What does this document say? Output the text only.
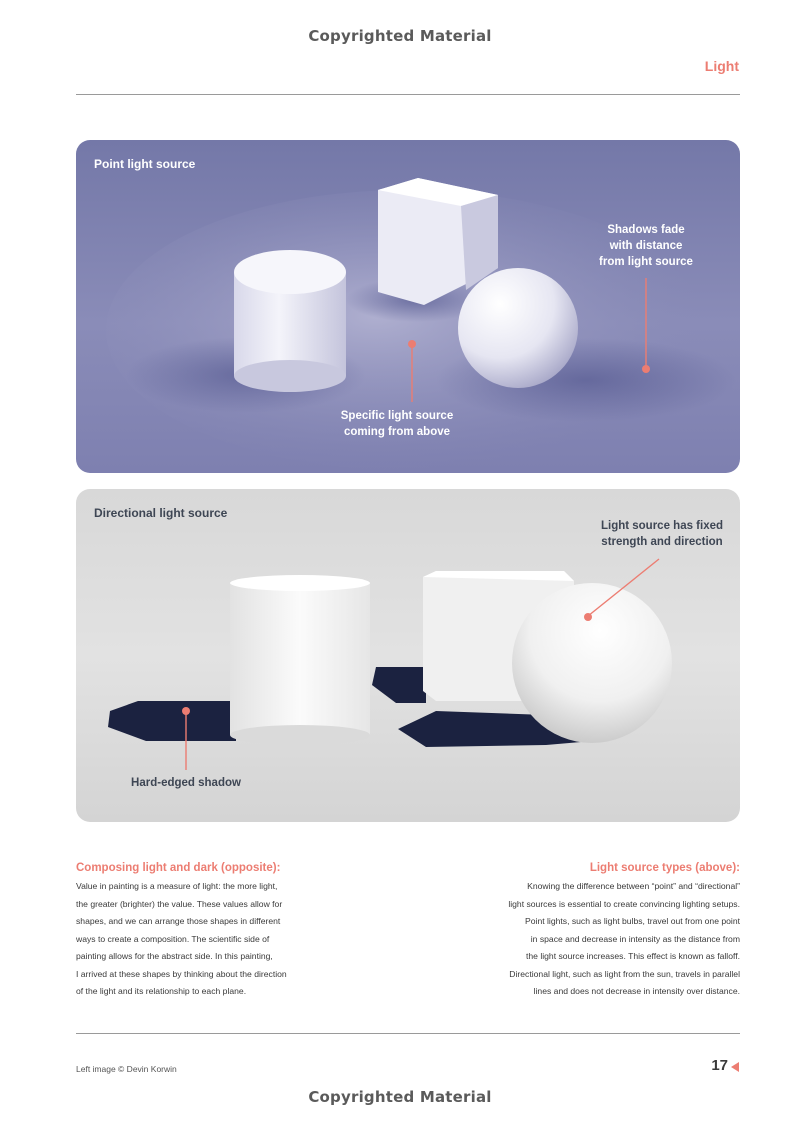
Copyrighted Material
Light
Point light source
Shadows fade
with distance
from light source
Specific light source
coming from above
Directional light source
Light source has fixed
strength and direction
Hard-edged shadow
Composing light and dark (opposite):
Value in painting is a measure of light: the more light,
the greater (brighter) the value. These values allow for
shapes, and we can arrange those shapes in different
ways to create a composition. The scientific side of
painting allows for the abstract side. In this painting,
I arrived at these shapes by thinking about the direction
of the light and its relationship to each plane.
Light source types (above):
Knowing the difference between “point” and “directional”
light sources is essential to create convincing lighting setups.
Point lights, such as light bulbs, travel out from one point
in space and decrease in intensity as the distance from
the light source increases. This effect is known as falloff.
Directional light, such as light from the sun, travels in parallel
lines and does not decrease in intensity over distance.
Left image © Devin Korwin	17
Copyrighted Material
